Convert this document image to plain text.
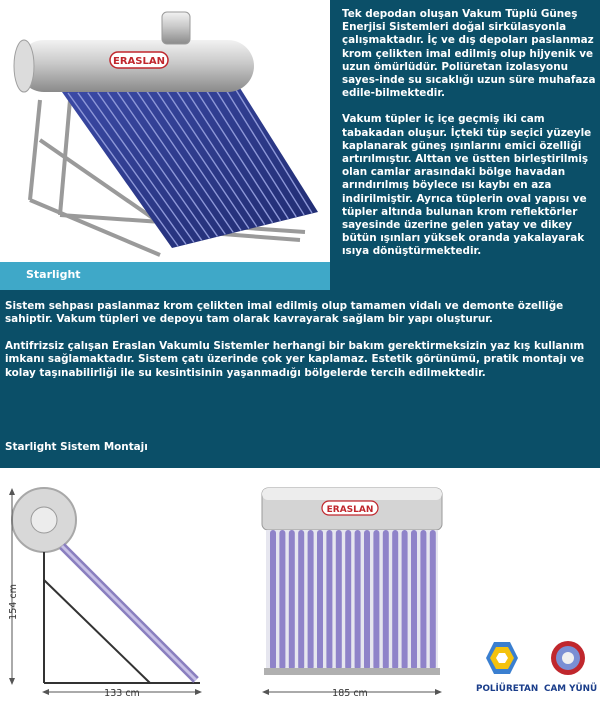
ERASLAN
Starlight

Tek depodan oluşan Vakum Tüplü Güneş Enerjisi Sistemleri doğal sirkülasyonla çalışmaktadır. İç ve dış depoları paslanmaz krom çelikten imal edilmiş olup hijyenik ve uzun ömürlüdür. Poliüretan izolasyonu sayes-inde su sıcaklığı uzun süre muhafaza edile-bilmektedir.

Vakum tüpler iç içe geçmiş iki cam tabakadan oluşur. İçteki tüp seçici yüzeyle kaplanarak güneş ışınlarını emici özelliği artırılmıştır. Alttan ve üstten birleştirilmiş olan camlar arasındaki bölge havadan arındırılmış böylece ısı kaybı en aza indirilmiştir. Ayrıca tüplerin oval yapısı ve tüpler altında bulunan krom reflektörler sayesinde üzerine gelen yatay ve dikey bütün ışınları yüksek oranda yakalayarak ısıya dönüştürmektedir.

Sistem sehpası paslanmaz krom çelikten imal edilmiş olup tamamen vidalı ve demonte özelliğe sahiptir. Vakum tüpleri ve depoyu tam olarak kavrayarak sağlam bir yapı oluşturur.

Antifrizsiz çalışan Eraslan Vakumlu Sistemler herhangi bir bakım gerektirmeksizin yaz kış kullanım imkanı sağlamaktadır. Sistem çatı üzerinde çok yer kaplamaz. Estetik görünümü, pratik montajı ve kolay taşınabilirliği ile su kesintisinin yaşanmadığı bölgelerde tercih edilmektedir.

Starlight Sistem Montajı
154 cm
133 cm
ERASLAN
185 cm	POLİÜRETAN CAM YÜNÜ
